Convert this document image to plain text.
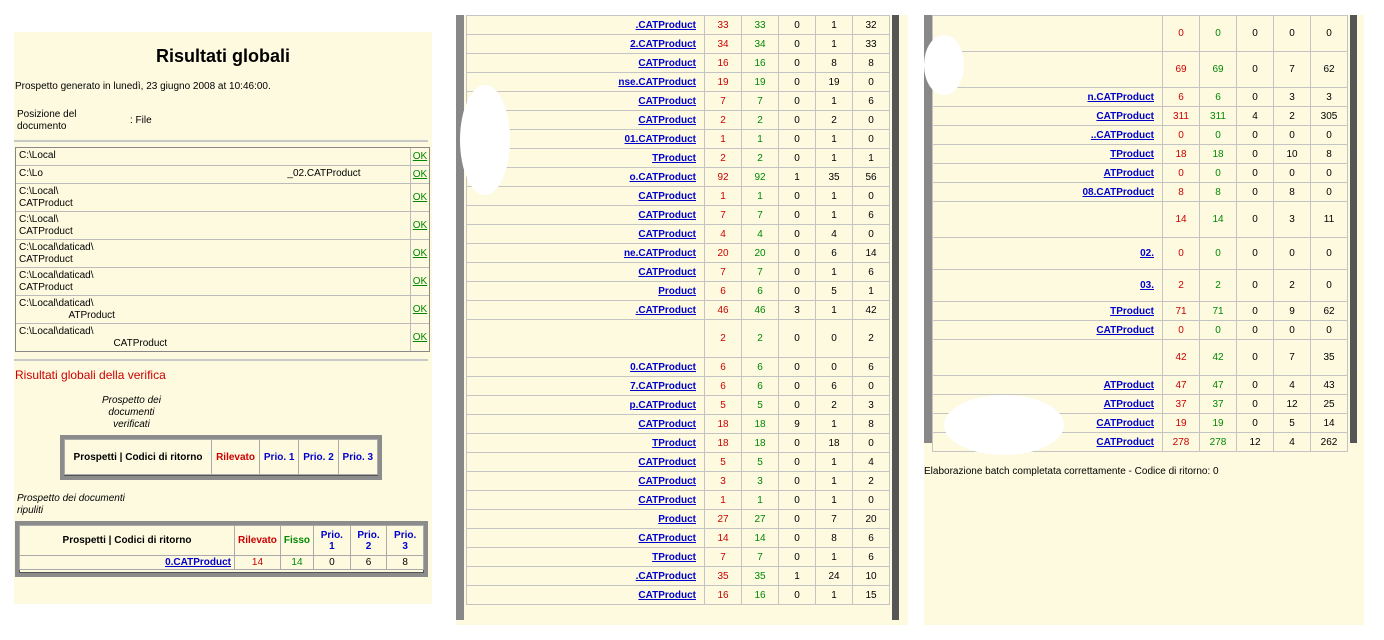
Risultati globali
Prospetto generato in lunedì, 23 giugno 2008 at 10:46:00.
Posizione del documento
: File
C:\Local	OK
C:\Lo                                                                                        _02.CATProduct	OK
C:\Local\
CATProduct
OK
C:\Local\
CATProduct
OK
C:\Local\daticad\
CATProduct
OK
C:\Local\daticad\
CATProduct
OK
C:\Local\daticad\
ATProduct
OK
C:\Local\daticad\
CATProduct
OK
Risultati globali della verifica
Prospetto dei
documenti
verificati
Prospetti | Codici di ritorno	Rilevato	Prio. 1	Prio. 2	Prio. 3
Prospetto dei documenti
ripuliti
Prospetti | Codici di ritorno	Rilevato	Fisso	Prio. 1	Prio. 2	Prio. 3
0.CATProduct	14	14	0	6	8
.CATProduct	33	33	0	1	32
2.CATProduct	34	34	0	1	33
CATProduct	16	16	0	8	8
nse.CATProduct	19	19	0	19	0
CATProduct	7	7	0	1	6
CATProduct	2	2	0	2	0
01.CATProduct	1	1	0	1	0
TProduct	2	2	0	1	1
o.CATProduct	92	92	1	35	56
CATProduct	1	1	0	1	0
CATProduct	7	7	0	1	6
CATProduct	4	4	0	4	0
ne.CATProduct	20	20	0	6	14
CATProduct	7	7	0	1	6
Product	6	6	0	5	1
.CATProduct	46	46	3	1	42
	2	2	0	0	2
0.CATProduct	6	6	0	0	6
7.CATProduct	6	6	0	6	0
p.CATProduct	5	5	0	2	3
CATProduct	18	18	9	1	8
TProduct	18	18	0	18	0
CATProduct	5	5	0	1	4
CATProduct	3	3	0	1	2
CATProduct	1	1	0	1	0
Product	27	27	0	7	20
CATProduct	14	14	0	8	6
TProduct	7	7	0	1	6
.CATProduct	35	35	1	24	10
CATProduct	16	16	0	1	15
	0	0	0	0	0
	69	69	0	7	62
n.CATProduct	6	6	0	3	3
CATProduct	311	311	4	2	305
..CATProduct	0	0	0	0	0
TProduct	18	18	0	10	8
ATProduct	0	0	0	0	0
08.CATProduct	8	8	0	8	0
	14	14	0	3	11
02.	0	0	0	0	0
03.	2	2	0	2	0
TProduct	71	71	0	9	62
CATProduct	0	0	0	0	0
	42	42	0	7	35
ATProduct	47	47	0	4	43
ATProduct	37	37	0	12	25
CATProduct	19	19	0	5	14
CATProduct	278	278	12	4	262
Elaborazione batch completata correttamente - Codice di ritorno: 0
